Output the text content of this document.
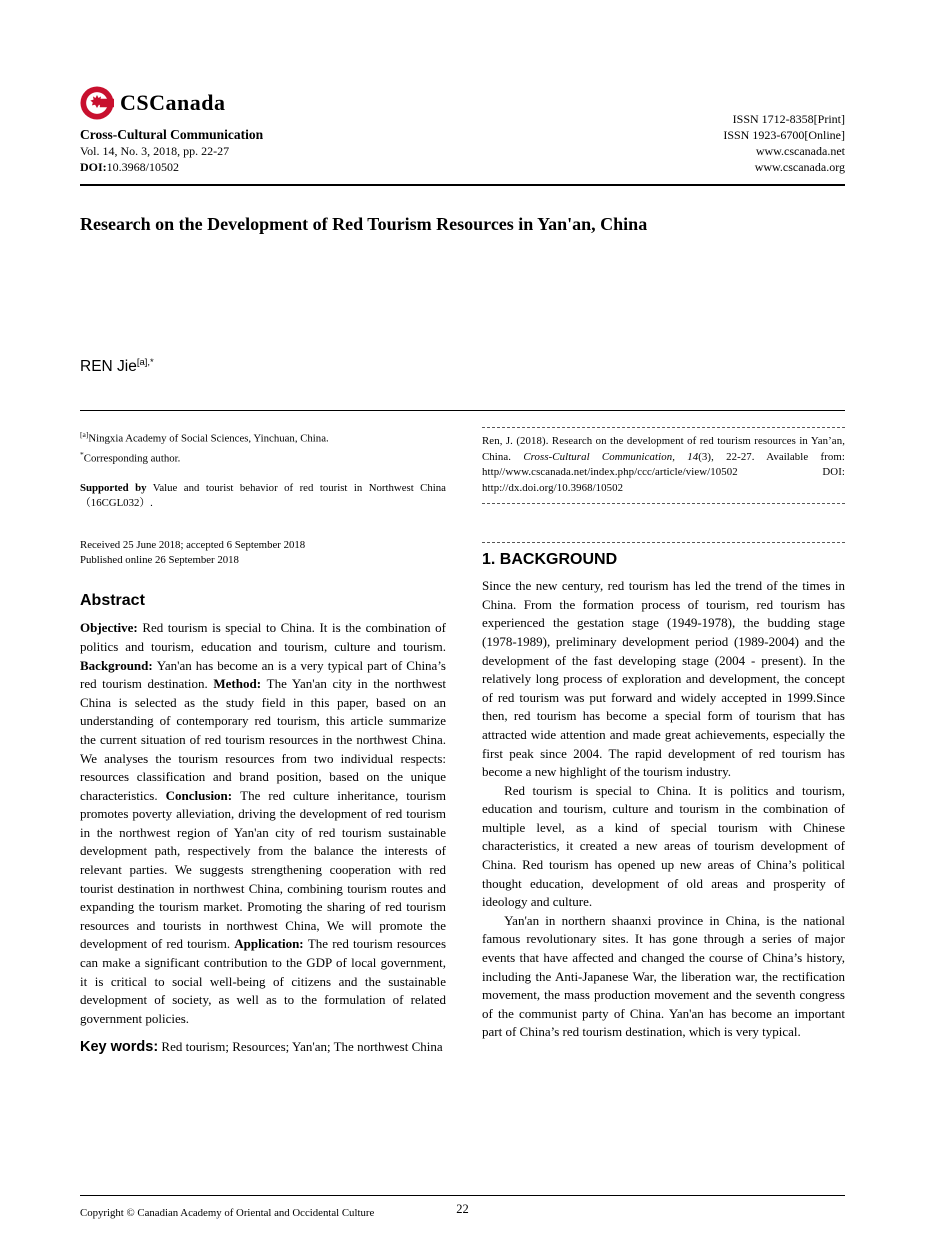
CSCanada
Cross-Cultural Communication
Vol. 14, No. 3, 2018, pp. 22-27
DOI:10.3968/10502
ISSN 1712-8358[Print]
ISSN 1923-6700[Online]
www.cscanada.net
www.cscanada.org
Research on the Development of Red Tourism Resources in Yan'an, China
REN Jie$^{[a],*}$
[a]Ningxia Academy of Social Sciences, Yinchuan, China.
*Corresponding author.
Supported by Value and tourist behavior of red tourist in Northwest China（16CGL032）.
Received 25 June 2018; accepted 6 September 2018
Published online 26 September 2018
Abstract

Objective: Red tourism is special to China. It is the combination of politics and tourism, education and tourism, culture and tourism. Background: Yan'an has become an is a very typical part of China’s red tourism destination. Method: The Yan'an city in the northwest China is selected as the study field in this paper, based on an understanding of contemporary red tourism, this article summarize the current situation of red tourism resources in the northwest China. We analyses the tourism resources from two individual respects: resources classification and brand position, based on the unique characteristics. Conclusion: The red culture inheritance, tourism promotes poverty alleviation, driving the development of red tourism in the northwest region of Yan'an city of red tourism sustainable development path, respectively from the balance the interests of relevant parties. We suggests strengthening cooperation with red tourist destination in northwest China, combining tourism routes and expanding the tourism market. Promoting the sharing of red tourism resources and tourists in northwest China, We will promote the development of red tourism. Application: The red tourism resources can make a significant contribution to the GDP of local government, it is critical to social well-being of citizens and the sustainable development of society, as well as to the formulation of related government policies.

Key words: Red tourism; Resources; Yan'an; The northwest China

Ren, J. (2018). Research on the development of red tourism resources in Yan’an, China. Cross-Cultural Communication, 14(3), 22-27. Available from: http//www.cscanada.net/index.php/ccc/article/view/10502 DOI: http://dx.doi.org/10.3968/10502

1. BACKGROUND

Since the new century, red tourism has led the trend of the times in China. From the formation process of tourism, red tourism has experienced the gestation stage (1949-1978), the budding stage (1978-1989), preliminary development period (1989-2004) and the development of the fast developing stage (2004 - present). In the relatively long process of exploration and development, the concept of red tourism was put forward and widely accepted in 1999.Since then, red tourism has become a special form of tourism that has attracted wide attention and made great achievements, especially the first peak since 2004. The rapid development of red tourism has become a new highlight of the tourism industry.

Red tourism is special to China. It is politics and tourism, education and tourism, culture and tourism in the combination of multiple level, as a kind of special tourism with Chinese characteristics, it created a new areas of tourism development of China. Red tourism has opened up new areas of China’s political thought education, development of old areas and prosperity of ideology and culture.

Yan'an in northern shaanxi province in China, is the national famous revolutionary sites. It has gone through a series of major events that have affected and changed the course of China’s history, including the Anti-Japanese War, the liberation war, the rectification movement, the mass production movement and the seventh congress of the communist party of China. Yan'an has become an important part of China’s red tourism destination, which is very typical.

Copyright © Canadian Academy of Oriental and Occidental Culture	22
